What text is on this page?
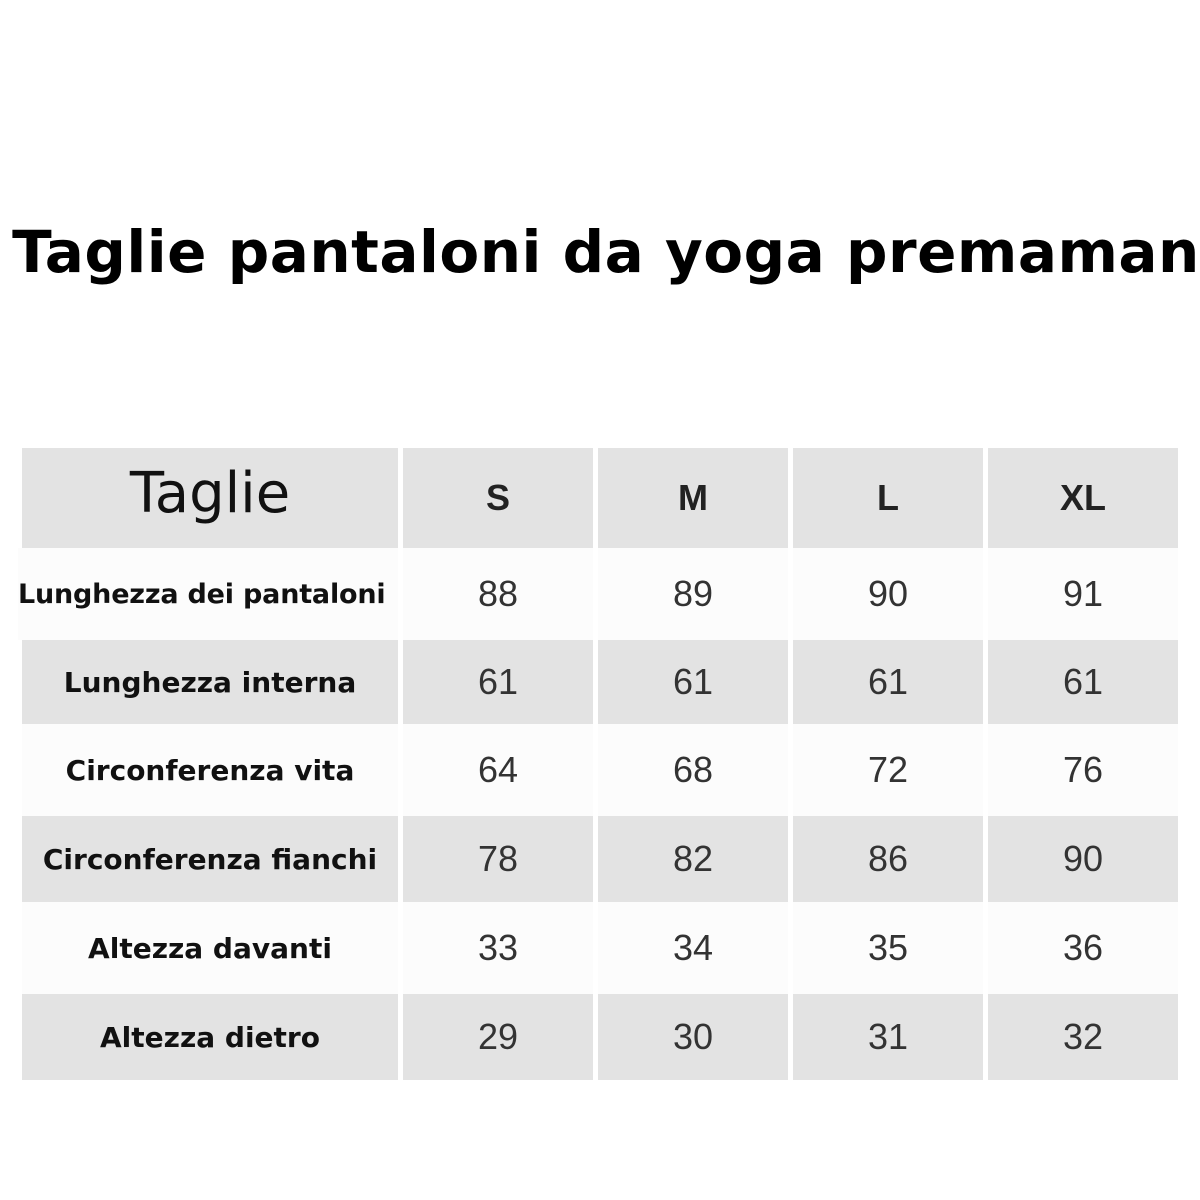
Taglie pantaloni da yoga premaman
Taglie	S	M	L	XL
Lunghezza dei pantaloni	88	89	90	91
Lunghezza interna	61	61	61	61
Circonferenza vita	64	68	72	76
Circonferenza fianchi	78	82	86	90
Altezza davanti	33	34	35	36
Altezza dietro	29	30	31	32
